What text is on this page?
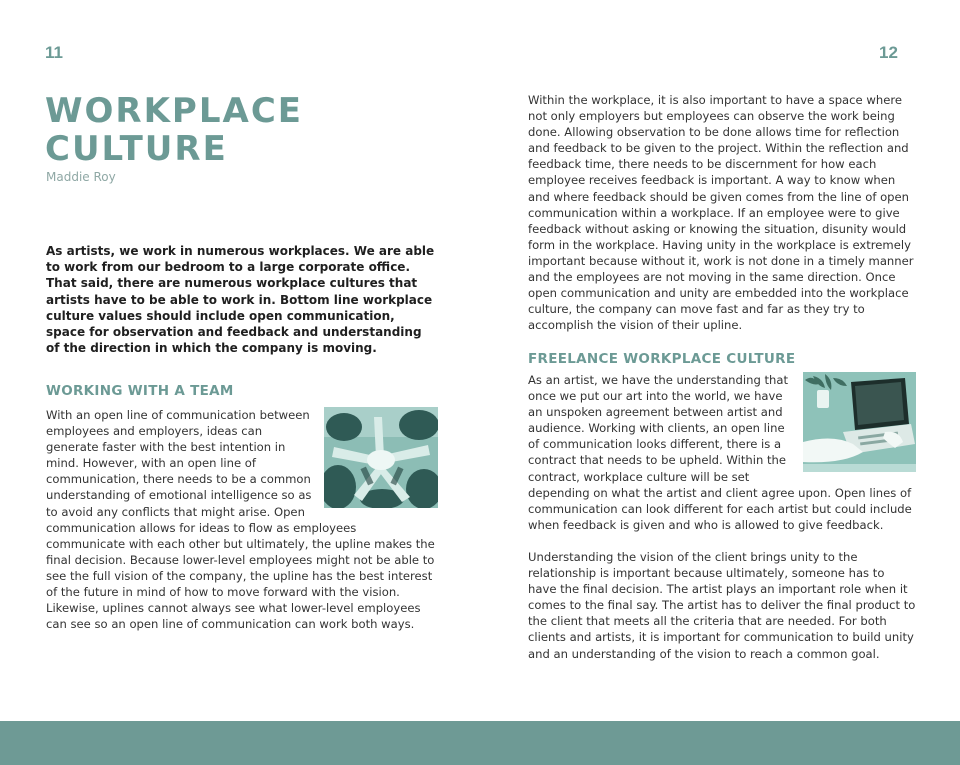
11	12
WORKPLACE
CULTURE
Maddie Roy
As artists, we work in numerous workplaces. We are able to work from our bedroom to a large corporate office. That said, there are numerous workplace cultures that artists have to be able to work in. Bottom line workplace culture values should include open communication, space for observation and feedback and understanding of the direction in which the company is moving.
WORKING WITH A TEAM

With an open line of communication between employees and employers, ideas can generate faster with the best intention in mind. However, with an open line of communication, there needs to be a common understanding of emotional intelligence so as to avoid any conflicts that might arise. Open communication allows for ideas to flow as employees communicate with each other but ultimately, the upline makes the final decision. Because lower-level employees might not be able to see the full vision of the company, the upline has the best interest of the future in mind of how to move forward with the vision. Likewise, uplines cannot always see what lower-level employees can see so an open line of communication can work both ways.

Within the workplace, it is also important to have a space where not only employers but employees can observe the work being done. Allowing observation to be done allows time for reflection and feedback to be given to the project. Within the reflection and feedback time, there needs to be discernment for how each employee receives feedback is important. A way to know when and where feedback should be given comes from the line of open communication within a workplace. If an employee were to give feedback without asking or knowing the situation, disunity would form in the workplace. Having unity in the workplace is extremely important because without it, work is not done in a timely manner and the employees are not moving in the same direction. Once open communication and unity are embedded into the workplace culture, the company can move fast and far as they try to accomplish the vision of their upline.

FREELANCE WORKPLACE CULTURE

As an artist, we have the understanding that once we put our art into the world, we have an unspoken agreement between artist and audience. Working with clients, an open line of communication looks different, there is a contract that needs to be upheld. Within the contract, workplace culture will be set depending on what the artist and client agree upon. Open lines of communication can look different for each artist but could include when feedback is given and who is allowed to give feedback.

Understanding the vision of the client brings unity to the relationship is important because ultimately, someone has to have the final decision. The artist plays an important role when it comes to the final say. The artist has to deliver the final product to the client that meets all the criteria that are needed. For both clients and artists, it is important for communication to build unity and an understanding of the vision to reach a common goal.
